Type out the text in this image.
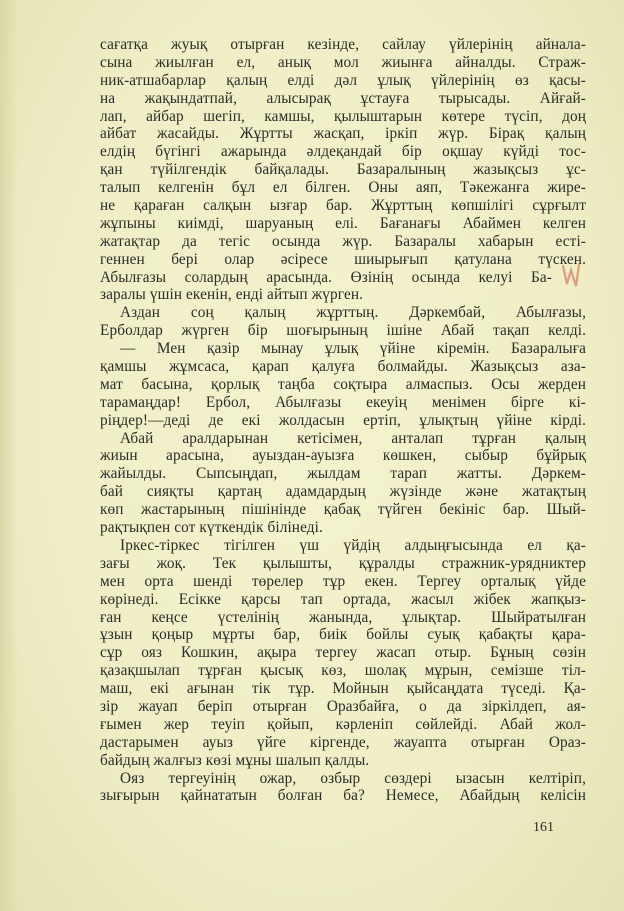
сағатқа жуық отырған кезінде, сайлау үйлерінің айнала-
сына жиылған ел, анық мол жиынға айналды. Страж-
ник-атшабарлар қалың елді дәл ұлық үйлерінің өз қасы-
на жақындатпай, алысырақ ұстауға тырысады. Айғай-
лап, айбар шегіп, камшы, қылыштарын көтере түсіп, доң
айбат жасайды. Жұртты жасқап, іркіп жүр. Бірақ қалың
елдің бүгінгі ажарында әлдеқандай бір оқшау күйді тос-
қан түйілгендік байқалады. Базаралының жазықсыз ұс-
талып келгенін бұл ел білген. Оны аяп, Тәкежанға жире-
не қараған салқын ызғар бар. Жұрттың көпшілігі сұрғылт
жұпыны киімді, шаруаның елі. Бағанағы Абаймен келген
жатақтар да тегіс осында жүр. Базаралы хабарын есті-
геннен бері олар әсіресе шиырығып қатулана түскен.
Абылғазы солардың арасында. Өзінің осында келуі Ба-
заралы үшін екенін, енді айтып жүрген.
Аздан соң қалың жұрттың. Дәркембай, Абылғазы,
Ерболдар жүрген бір шоғырының ішіне Абай тақап келді.
— Мен қазір мынау ұлық үйіне кіремін. Базаралыға
қамшы жұмсаса, қарап қалуға болмайды. Жазықсыз аза-
мат басына, қорлық таңба соқтыра алмаспыз. Осы жерден
тарамаңдар! Ербол, Абылғазы екеуің менімен бірге кі-
ріңдер!—деді де екі жолдасын ертіп, ұлықтың үйіне кірді.
Абай аралдарынан кетісімен, анталап тұрған қалың
жиын арасына, ауыздан-ауызға көшкен, сыбыр бұйрық
жайылды. Сыпсыңдап, жылдам тарап жатты. Дәркем-
бай сияқты қартаң адамдардың жүзінде және жатақтың
көп жастарының пішінінде қабақ түйген бекініс бар. Шый-
рақтықпен сот күткендік білінеді.
Іркес-тіркес тігілген үш үйдің алдыңғысында ел қа-
зағы жоқ. Тек қылышты, құралды стражник-урядниктер
мен орта шенді төрелер тұр екен. Тергеу орталық үйде
көрінеді. Есікке қарсы тап ортада, жасыл жібек жапқыз-
ған кеңсе үстелінің жанында, ұлықтар. Шыйратылған
ұзын қоңыр мұрты бар, биік бойлы суық қабақты қара-
сұр ояз Кошкин, ақыра тергеу жасап отыр. Бұның сөзін
қазақшылап тұрған қысық көз, шолақ мұрын, семізше тіл-
маш, екі ағынан тік тұр. Мойнын қыйсаңдата түседі. Қа-
зір жауап беріп отырған Оразбайға, о да зіркілдеп, ая-
ғымен жер теуіп қойып, кәрленіп сөйлейді. Абай жол-
дастарымен ауыз үйге кіргенде, жауапта отырған Ораз-
байдың жалғыз көзі мұны шалып қалды.
Ояз тергеуінің ожар, озбыр сөздері ызасын келтіріп,
зығырын қайнататын болған ба? Немесе, Абайдың келісін
161
